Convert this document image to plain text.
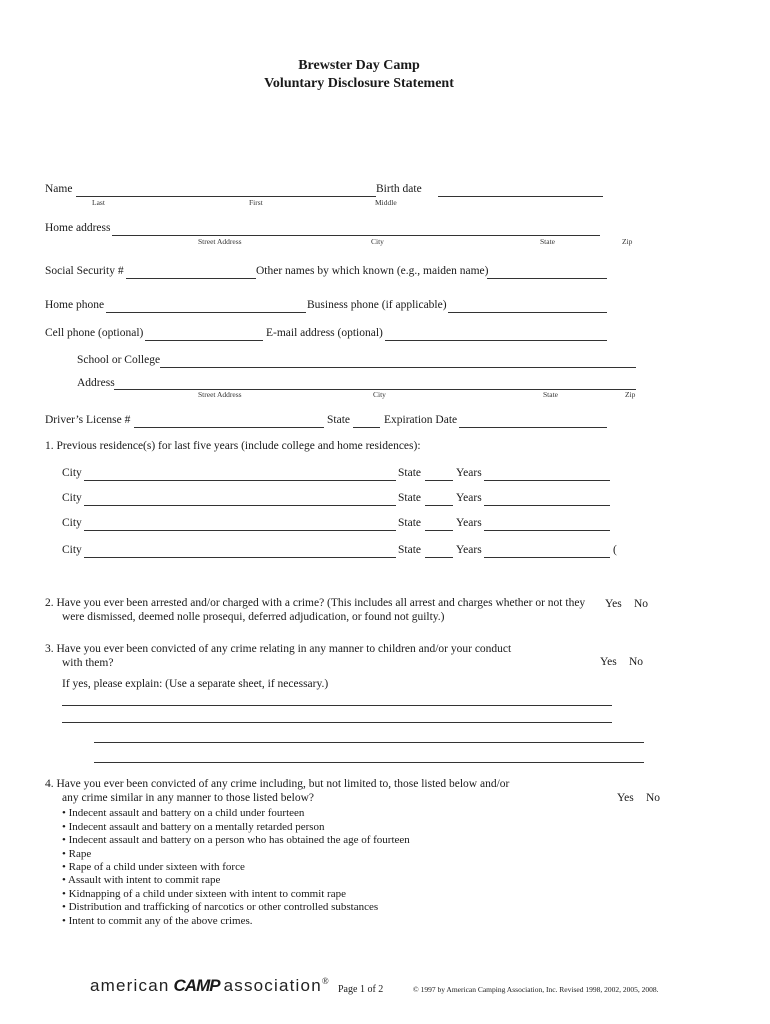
Brewster Day Camp
Voluntary Disclosure Statement
Name
Last	First	Middle
Birth date
Home address
Street Address	City	State	Zip
Social Security #	Other names by which known (e.g., maiden name)
Home phone	Business phone (if applicable)
Cell phone (optional)	E-mail address (optional)
School or College
Address
Street Address	City	State	Zip
Driver’s License #	State	Expiration Date
1. Previous residence(s) for last five years (include college and home residences):
City	State	Years
City	State	Years
City	State	Years
City	State	Years	(
2. Have you ever been arrested and/or charged with a crime? (This includes all arrest and charges whether or not they
were dismissed, deemed nolle prosequi, deferred adjudication, or found not guilty.)
Yes No
3. Have you ever been convicted of any crime relating in any manner to children and/or your conduct
with them?	Yes No
If yes, please explain: (Use a separate sheet, if necessary.)
4. Have you ever been convicted of any crime including, but not limited to, those listed below and/or
any crime similar in any manner to those listed below?	Yes No
• Indecent assault and battery on a child under fourteen
• Indecent assault and battery on a mentally retarded person
• Indecent assault and battery on a person who has obtained the age of fourteen
• Rape
• Rape of a child under sixteen with force
• Assault with intent to commit rape
• Kidnapping of a child under sixteen with intent to commit rape
• Distribution and trafficking of narcotics or other controlled substances
• Intent to commit any of the above crimes.
american CAMP association®
Page 1 of 2	© 1997 by American Camping Association, Inc. Revised 1998, 2002, 2005, 2008.
